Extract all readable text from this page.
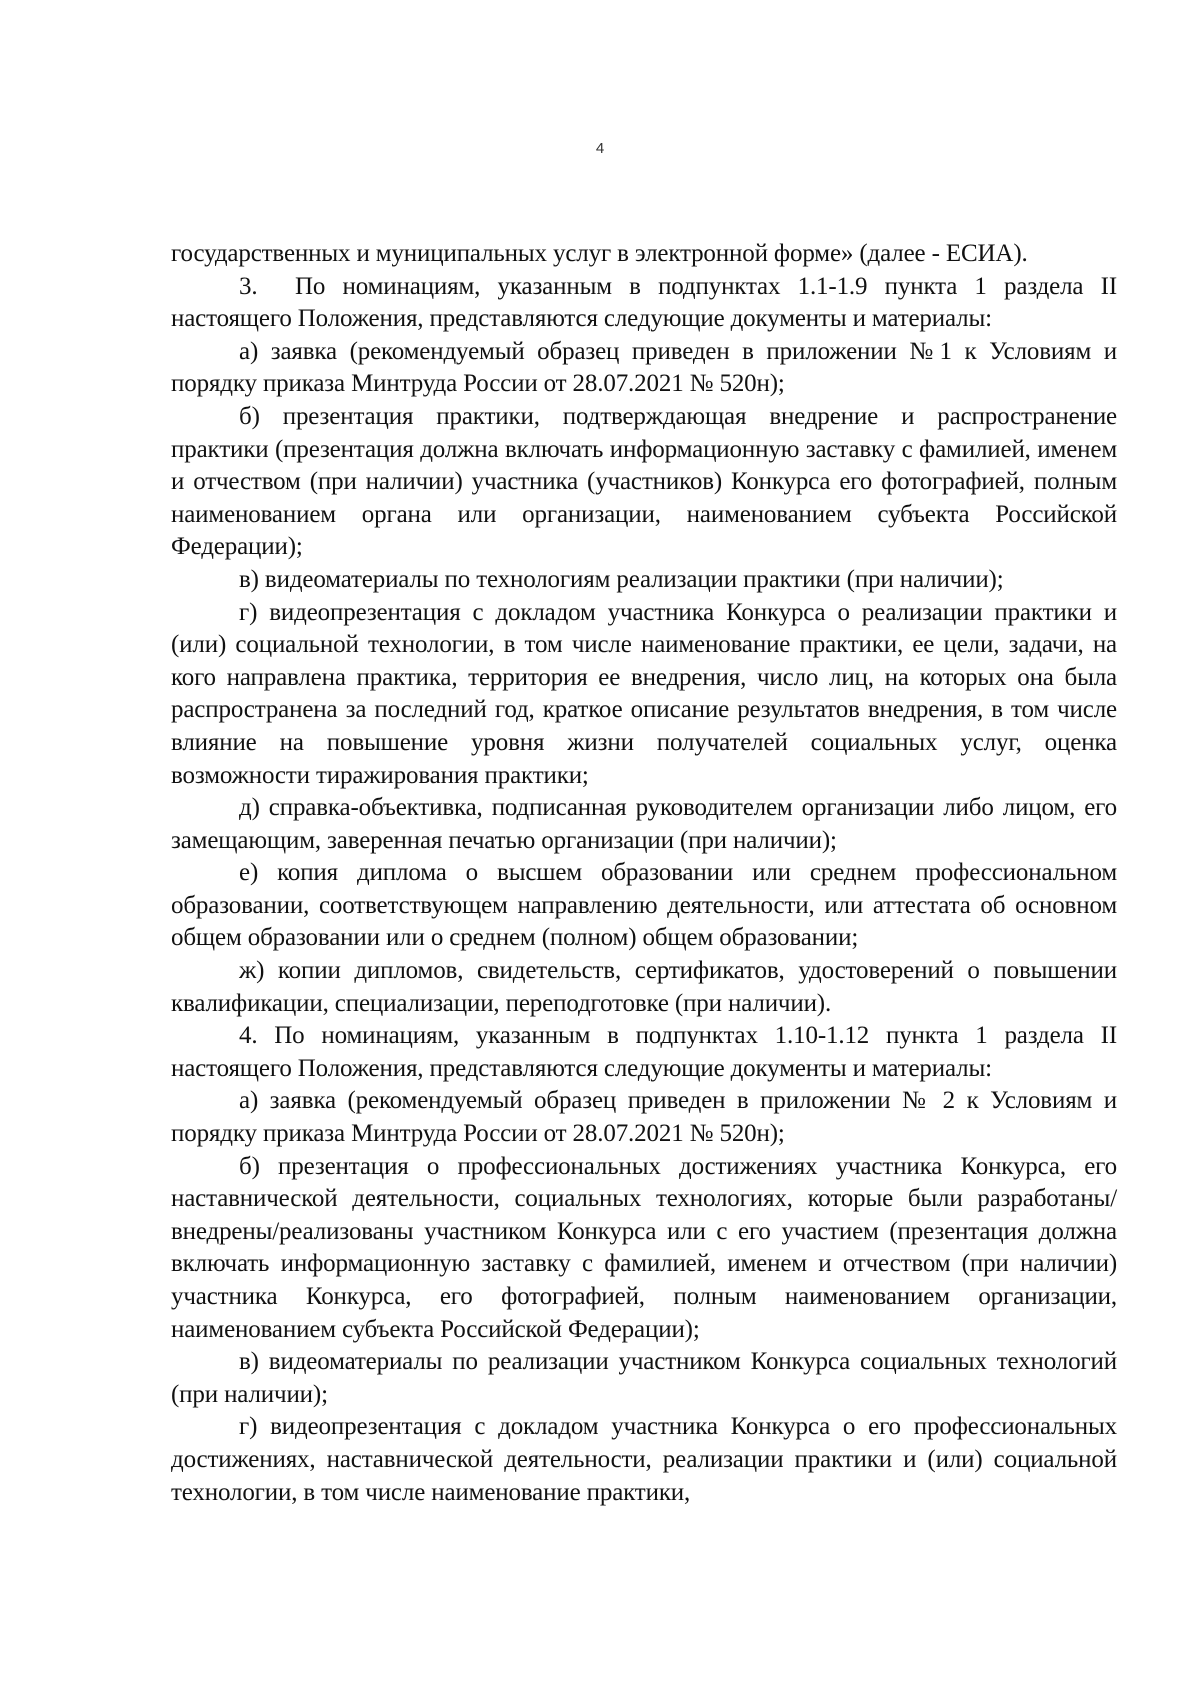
4

государственных и муниципальных услуг в электронной форме» (далее - ЕСИА).

3. По номинациям, указанным в подпунктах 1.1-1.9 пункта 1 раздела II настоящего Положения, представляются следующие документы и материалы:

а) заявка (рекомендуемый образец приведен в приложении №1 к Условиям и порядку приказа Минтруда России от 28.07.2021 № 520н);

б) презентация практики, подтверждающая внедрение и распространение практики (презентация должна включать информационную заставку с фамилией, именем и отчеством (при наличии) участника (участников) Конкурса его фотографией, полным наименованием органа или организации, наименованием субъекта Российской Федерации);

в) видеоматериалы по технологиям реализации практики (при наличии);

г) видеопрезентация с докладом участника Конкурса о реализации практики и (или) социальной технологии, в том числе наименование практики, ее цели, задачи, на кого направлена практика, территория ее внедрения, число лиц, на которых она была распространена за последний год, краткое описание результатов внедрения, в том числе влияние на повышение уровня жизни получателей социальных услуг, оценка возможности тиражирования практики;

д) справка-объективка, подписанная руководителем организации либо лицом, его замещающим, заверенная печатью организации (при наличии);

е) копия диплома о высшем образовании или среднем профессиональном образовании, соответствующем направлению деятельности, или аттестата об основном общем образовании или о среднем (полном) общем образовании;

ж) копии дипломов, свидетельств, сертификатов, удостоверений о повышении квалификации, специализации, переподготовке (при наличии).

4. По номинациям, указанным в подпунктах 1.10-1.12 пункта 1 раздела II настоящего Положения, представляются следующие документы и материалы:

а) заявка (рекомендуемый образец приведен в приложении № 2 к Условиям и порядку приказа Минтруда России от 28.07.2021 № 520н);

б) презентация о профессиональных достижениях участника Конкурса, его наставнической деятельности, социальных технологиях, которые были разработаны/внедрены/реализованы участником Конкурса или с его участием (презентация должна включать информационную заставку с фамилией, именем и отчеством (при наличии) участника Конкурса, его фотографией, полным наименованием организации, наименованием субъекта Российской Федерации);

в) видеоматериалы по реализации участником Конкурса социальных технологий (при наличии);

г) видеопрезентация с докладом участника Конкурса о его профессиональных достижениях, наставнической деятельности, реализации практики и (или) социальной технологии, в том числе наименование практики,
